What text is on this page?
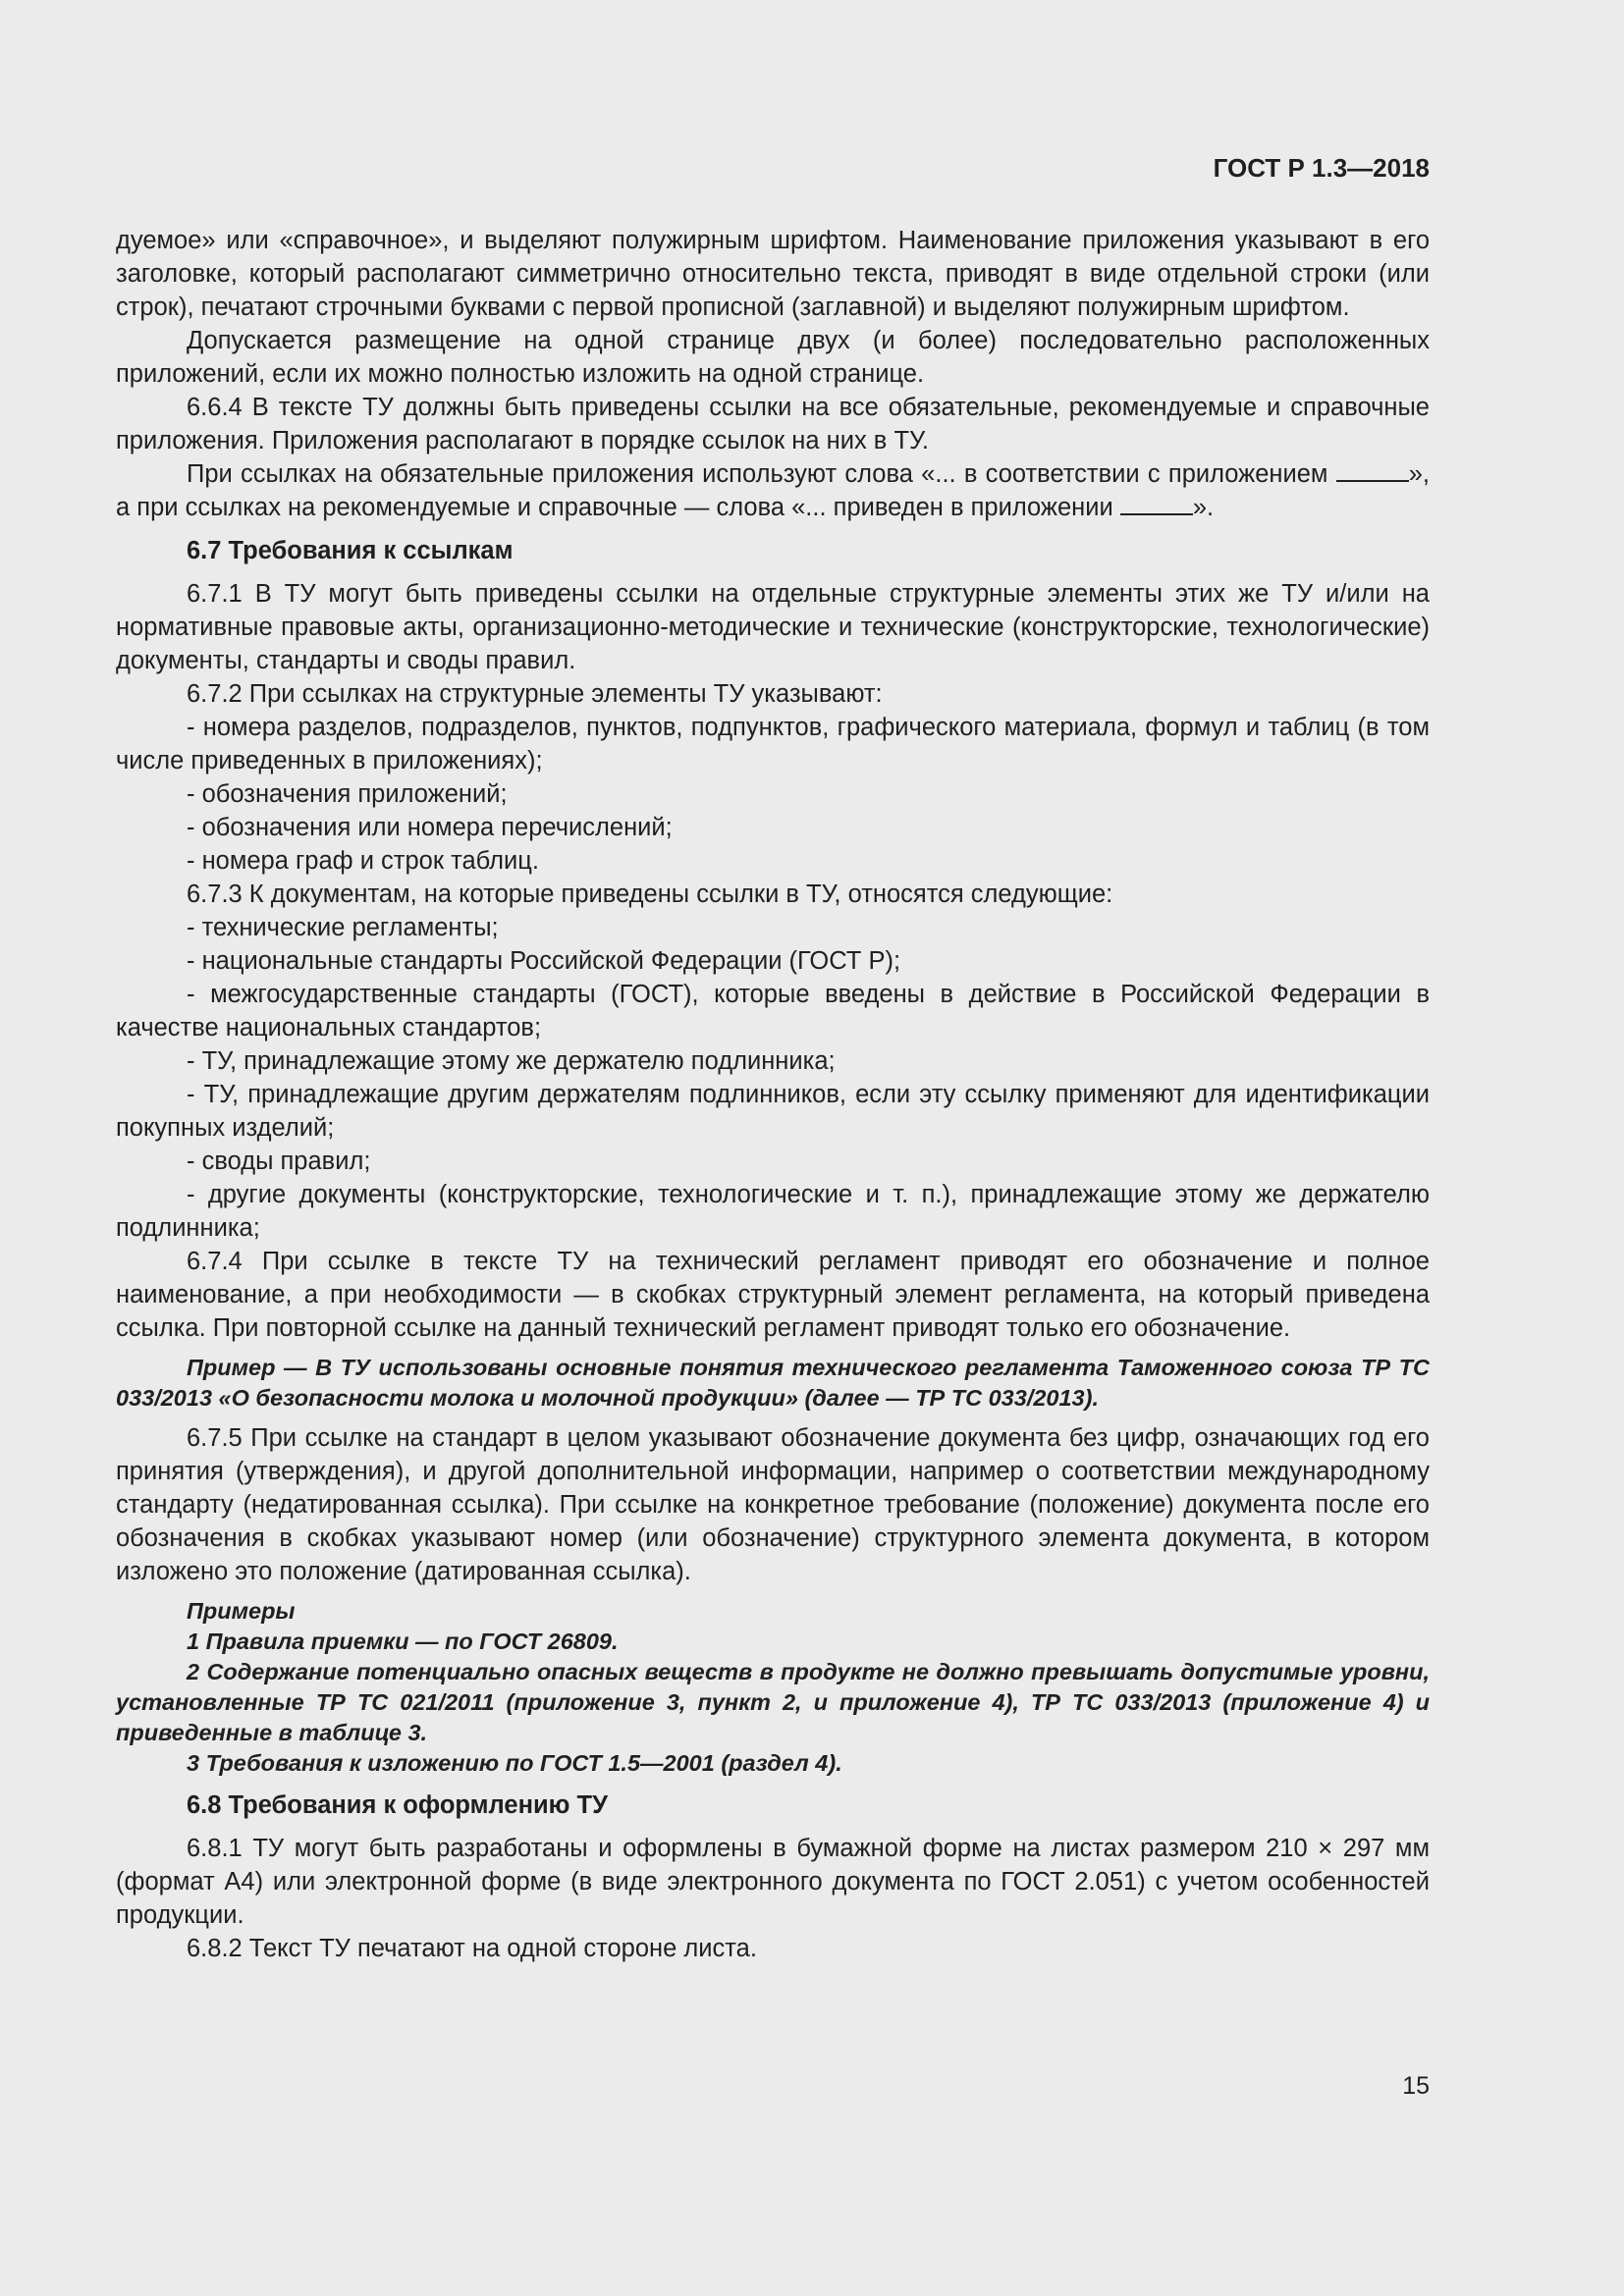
ГОСТ Р 1.3—2018

дуемое» или «справочное», и выделяют полужирным шрифтом. Наименование приложения указывают в его заголовке, который располагают симметрично относительно текста, приводят в виде отдельной строки (или строк), печатают строчными буквами с первой прописной (заглавной) и выделяют полужирным шрифтом.

Допускается размещение на одной странице двух (и более) последовательно расположенных приложений, если их можно полностью изложить на одной странице.

6.6.4 В тексте ТУ должны быть приведены ссылки на все обязательные, рекомендуемые и справочные приложения. Приложения располагают в порядке ссылок на них в ТУ.

При ссылках на обязательные приложения используют слова «... в соответствии с приложением	», а при ссылках на рекомендуемые и справочные — слова «... приведен в приложении	».

6.7 Требования к ссылкам

6.7.1 В ТУ могут быть приведены ссылки на отдельные структурные элементы этих же ТУ и/или на нормативные правовые акты, организационно-методические и технические (конструкторские, технологические) документы, стандарты и своды правил.

6.7.2 При ссылках на структурные элементы ТУ указывают:

- номера разделов, подразделов, пунктов, подпунктов, графического материала, формул и таблиц (в том числе приведенных в приложениях);

- обозначения приложений;

- обозначения или номера перечислений;

- номера граф и строк таблиц.

6.7.3 К документам, на которые приведены ссылки в ТУ, относятся следующие:

- технические регламенты;

- национальные стандарты Российской Федерации (ГОСТ Р);

- межгосударственные стандарты (ГОСТ), которые введены в действие в Российской Федерации в качестве национальных стандартов;

- ТУ, принадлежащие этому же держателю подлинника;

- ТУ, принадлежащие другим держателям подлинников, если эту ссылку применяют для идентификации покупных изделий;

- своды правил;

- другие документы (конструкторские, технологические и т. п.), принадлежащие этому же держателю подлинника;

6.7.4 При ссылке в тексте ТУ на технический регламент приводят его обозначение и полное наименование, а при необходимости — в скобках структурный элемент регламента, на который приведена ссылка. При повторной ссылке на данный технический регламент приводят только его обозначение.

Пример — В ТУ использованы основные понятия технического регламента Таможенного союза ТР ТС 033/2013 «О безопасности молока и молочной продукции» (далее — ТР ТС 033/2013).

6.7.5 При ссылке на стандарт в целом указывают обозначение документа без цифр, означающих год его принятия (утверждения), и другой дополнительной информации, например о соответствии международному стандарту (недатированная ссылка). При ссылке на конкретное требование (положение) документа после его обозначения в скобках указывают номер (или обозначение) структурного элемента документа, в котором изложено это положение (датированная ссылка).

Примеры

1 Правила приемки — по ГОСТ 26809.

2 Содержание потенциально опасных веществ в продукте не должно превышать допустимые уровни, установленные ТР ТС 021/2011 (приложение 3, пункт 2, и приложение 4), ТР ТС 033/2013 (приложение 4) и приведенные в таблице 3.

3 Требования к изложению по ГОСТ 1.5—2001 (раздел 4).

6.8 Требования к оформлению ТУ

6.8.1 ТУ могут быть разработаны и оформлены в бумажной форме на листах размером 210 × 297 мм (формат А4) или электронной форме (в виде электронного документа по ГОСТ 2.051) с учетом особенностей продукции.

6.8.2 Текст ТУ печатают на одной стороне листа.

15
